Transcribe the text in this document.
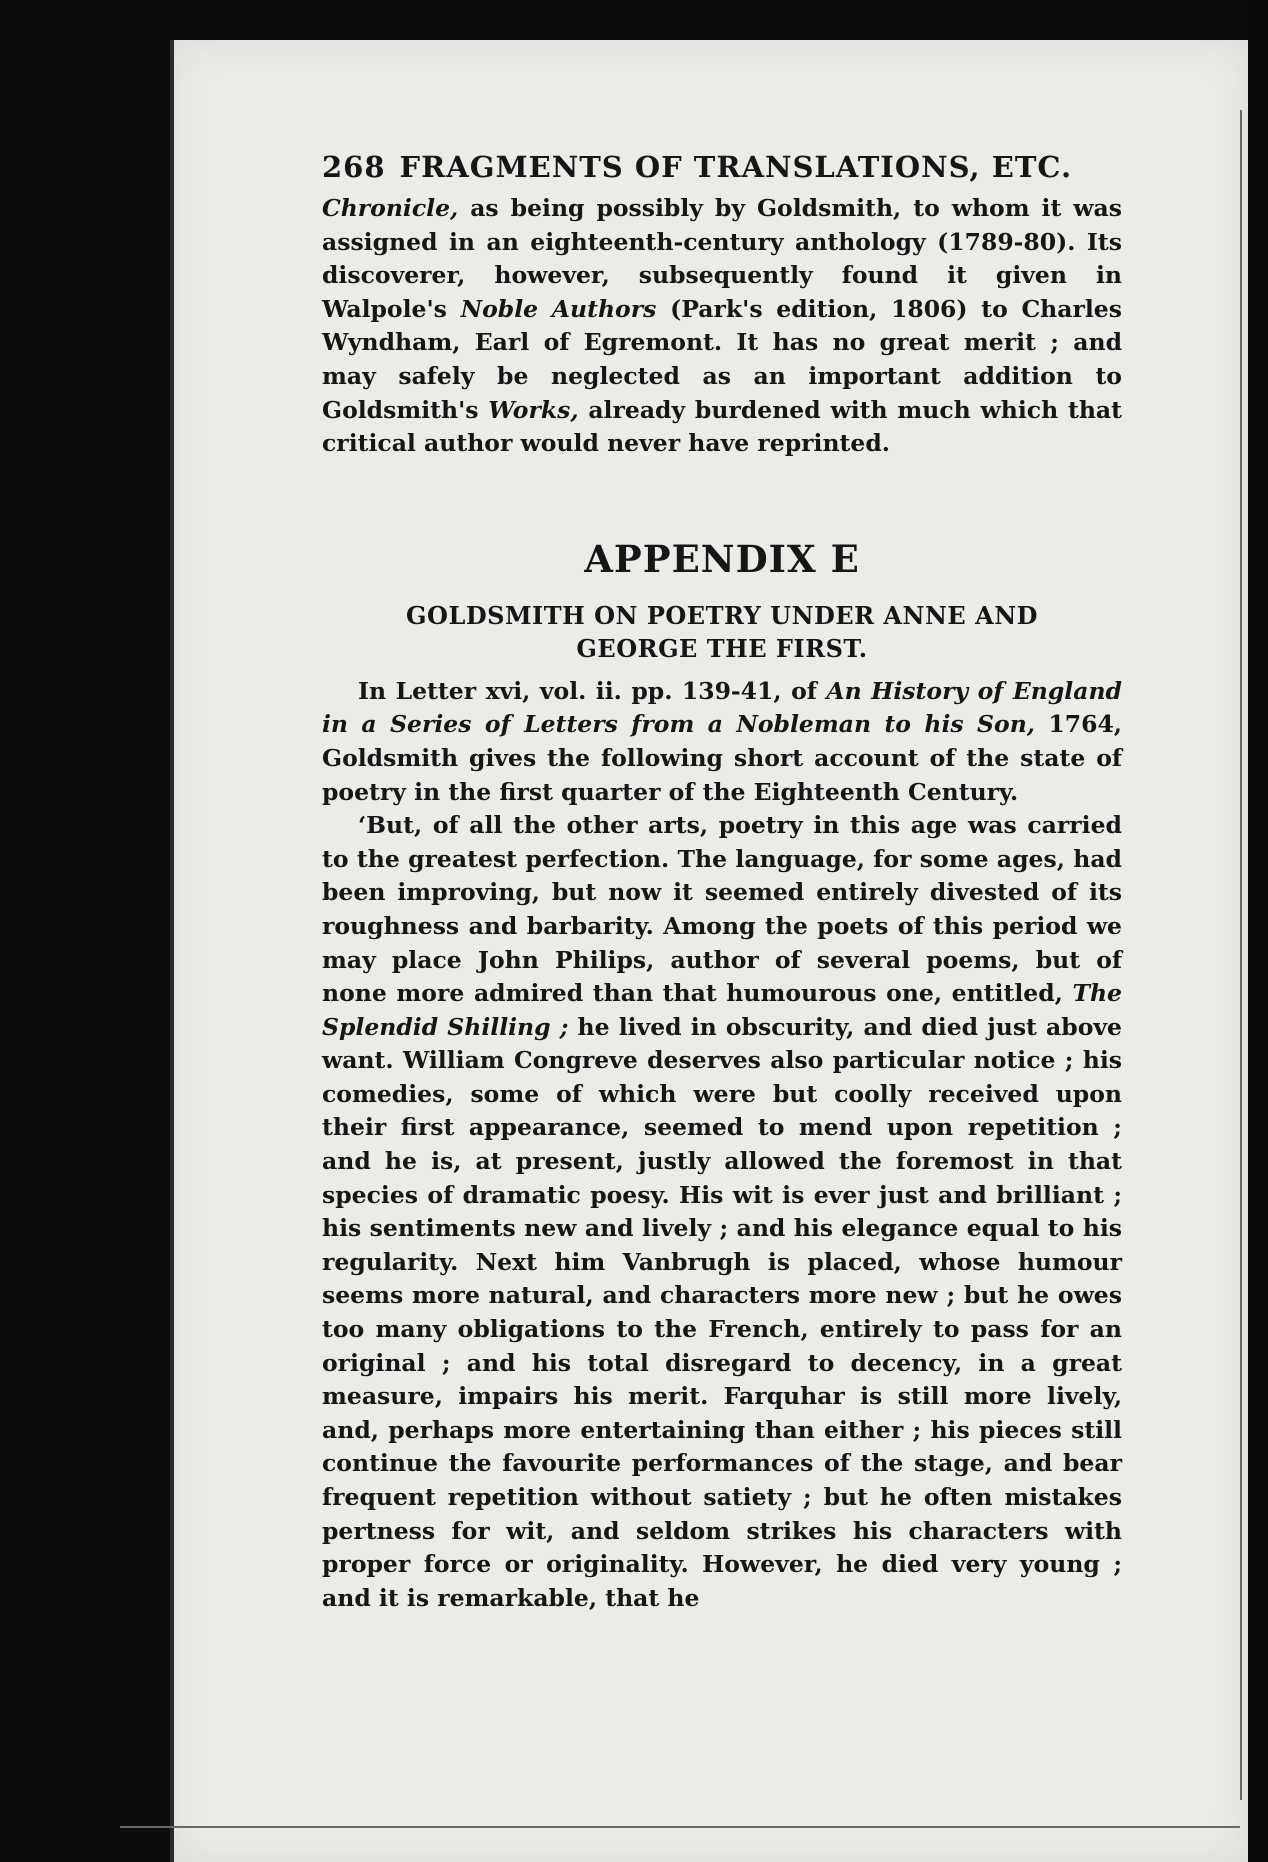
268 FRAGMENTS OF TRANSLATIONS, ETC.

Chronicle, as being possibly by Goldsmith, to whom it was assigned in an eighteenth-century anthology (1789-80). Its discoverer, however, subsequently found it given in Walpole's Noble Authors (Park's edition, 1806) to Charles Wyndham, Earl of Egremont. It has no great merit ; and may safely be neglected as an important addition to Goldsmith's Works, already burdened with much which that critical author would never have reprinted.

APPENDIX E
GOLDSMITH ON POETRY UNDER ANNE AND
GEORGE THE FIRST.

In Letter xvi, vol. ii. pp. 139-41, of An History of England in a Series of Letters from a Nobleman to his Son, 1764, Goldsmith gives the following short account of the state of poetry in the first quarter of the Eighteenth Century.

‘But, of all the other arts, poetry in this age was carried to the greatest perfection. The language, for some ages, had been improving, but now it seemed entirely divested of its roughness and barbarity. Among the poets of this period we may place John Philips, author of several poems, but of none more admired than that humourous one, entitled, The Splendid Shilling ; he lived in obscurity, and died just above want. William Congreve deserves also particular notice ; his comedies, some of which were but coolly received upon their first appearance, seemed to mend upon repetition ; and he is, at present, justly allowed the foremost in that species of dramatic poesy. His wit is ever just and brilliant ; his sentiments new and lively ; and his elegance equal to his regularity. Next him Vanbrugh is placed, whose humour seems more natural, and characters more new ; but he owes too many obligations to the French, entirely to pass for an original ; and his total disregard to decency, in a great measure, impairs his merit. Farquhar is still more lively, and, perhaps more entertaining than either ; his pieces still continue the favourite performances of the stage, and bear frequent repetition without satiety ; but he often mistakes pertness for wit, and seldom strikes his characters with proper force or originality. However, he died very young ; and it is remarkable, that he
